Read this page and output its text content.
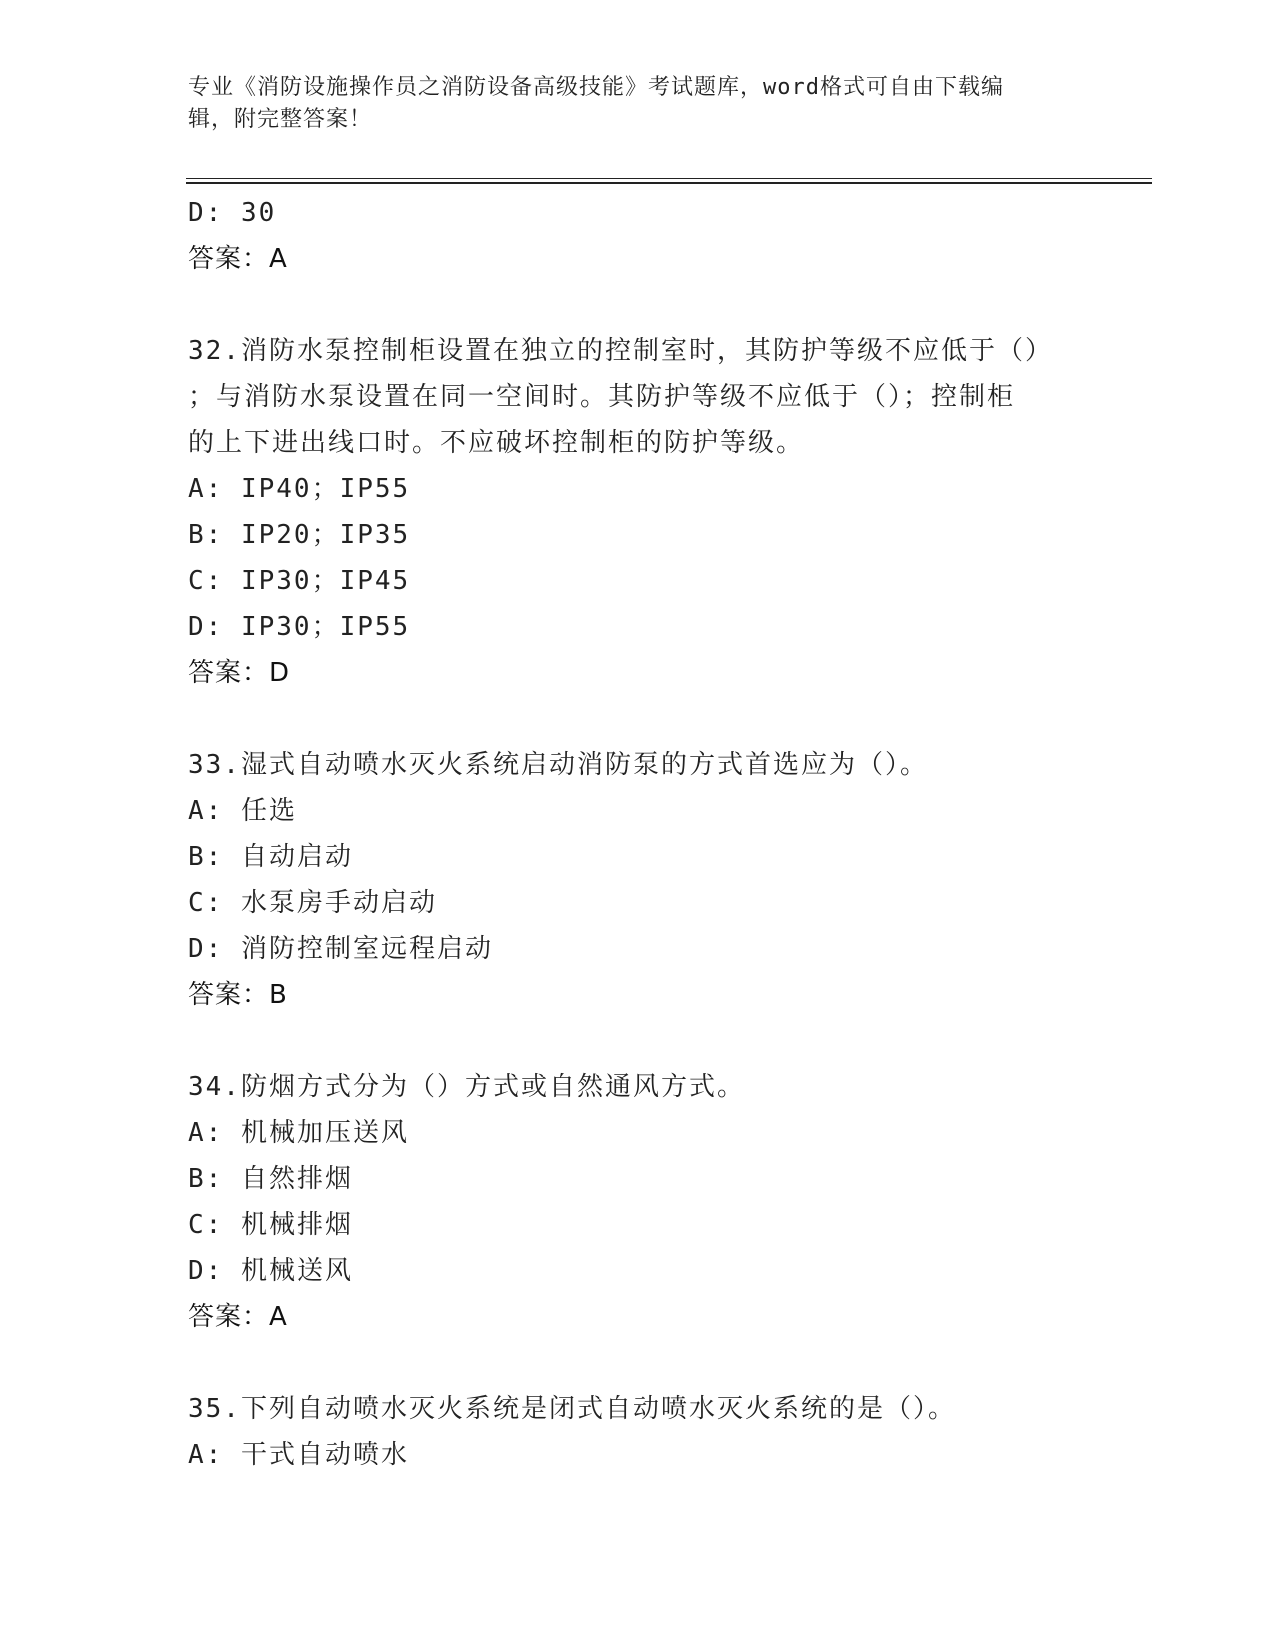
专业《消防设施操作员之消防设备高级技能》考试题库，word格式可自由下载编
辑，附完整答案！
D: 30
答案：A
32.消防水泵控制柜设置在独立的控制室时，其防护等级不应低于（）
；与消防水泵设置在同一空间时。其防护等级不应低于（）；控制柜
的上下进出线口时。不应破坏控制柜的防护等级。
A: IP40；IP55
B: IP20；IP35
C: IP30；IP45
D: IP30；IP55
答案：D
33.湿式自动喷水灭火系统启动消防泵的方式首选应为（）。
A: 任选
B: 自动启动
C: 水泵房手动启动
D: 消防控制室远程启动
答案：B
34.防烟方式分为（）方式或自然通风方式。
A: 机械加压送风
B: 自然排烟
C: 机械排烟
D: 机械送风
答案：A
35.下列自动喷水灭火系统是闭式自动喷水灭火系统的是（）。
A: 干式自动喷水
